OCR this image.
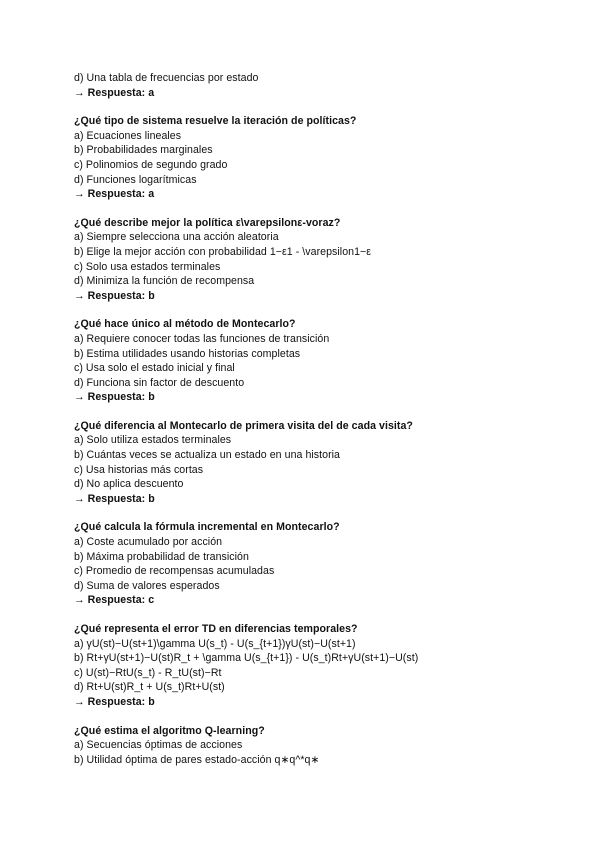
d) Una tabla de frecuencias por estado
→ Respuesta: a
¿Qué tipo de sistema resuelve la iteración de políticas?
a) Ecuaciones lineales
b) Probabilidades marginales
c) Polinomios de segundo grado
d) Funciones logarítmicas
→ Respuesta: a
¿Qué describe mejor la política ε\varepsilonε-voraz?
a) Siempre selecciona una acción aleatoria
b) Elige la mejor acción con probabilidad 1−ε1 - \varepsilon1−ε
c) Solo usa estados terminales
d) Minimiza la función de recompensa
→ Respuesta: b
¿Qué hace único al método de Montecarlo?
a) Requiere conocer todas las funciones de transición
b) Estima utilidades usando historias completas
c) Usa solo el estado inicial y final
d) Funciona sin factor de descuento
→ Respuesta: b
¿Qué diferencia al Montecarlo de primera visita del de cada visita?
a) Solo utiliza estados terminales
b) Cuántas veces se actualiza un estado en una historia
c) Usa historias más cortas
d) No aplica descuento
→ Respuesta: b
¿Qué calcula la fórmula incremental en Montecarlo?
a) Coste acumulado por acción
b) Máxima probabilidad de transición
c) Promedio de recompensas acumuladas
d) Suma de valores esperados
→ Respuesta: c
¿Qué representa el error TD en diferencias temporales?
a) γU(st)−U(st+1)\gamma U(s_t) - U(s_{t+1})γU(st)−U(st+1)
b) Rt+γU(st+1)−U(st)R_t + \gamma U(s_{t+1}) - U(s_t)Rt+γU(st+1)−U(st)
c) U(st)−RtU(s_t) - R_tU(st)−Rt
d) Rt+U(st)R_t + U(s_t)Rt+U(st)
→ Respuesta: b
¿Qué estima el algoritmo Q-learning?
a) Secuencias óptimas de acciones
b) Utilidad óptima de pares estado-acción q∗q^*q∗
